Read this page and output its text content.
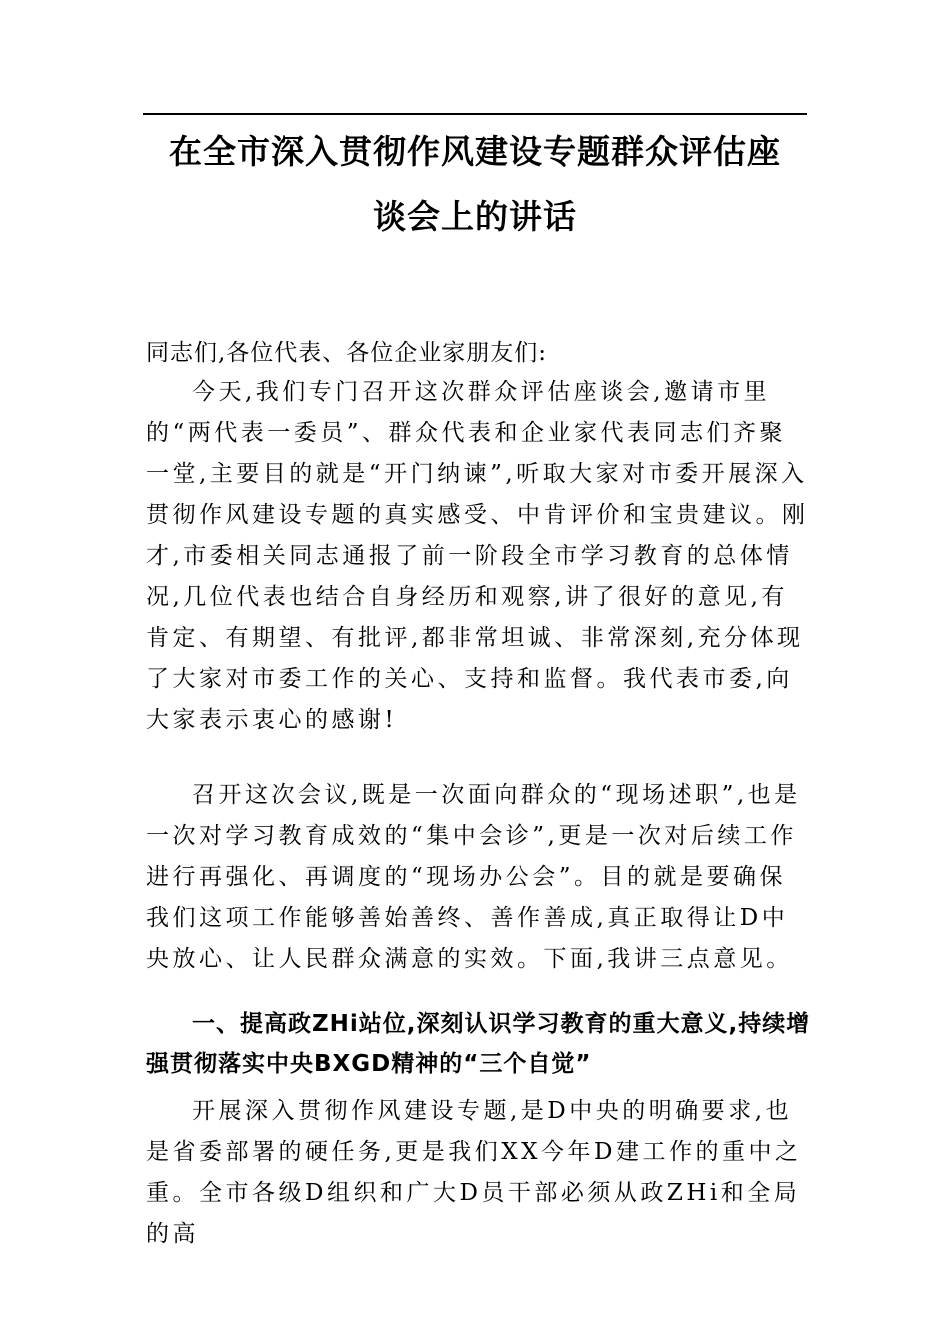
在全市深入贯彻作风建设专题群众评估座
谈会上的讲话
同志们,各位代表、各位企业家朋友们:
今天,我们专门召开这次群众评估座谈会,邀请市里的“两代表一委员”、群众代表和企业家代表同志们齐聚一堂,主要目的就是“开门纳谏”,听取大家对市委开展深入贯彻作风建设专题的真实感受、中肯评价和宝贵建议。刚才,市委相关同志通报了前一阶段全市学习教育的总体情况,几位代表也结合自身经历和观察,讲了很好的意见,有肯定、有期望、有批评,都非常坦诚、非常深刻,充分体现了大家对市委工作的关心、支持和监督。我代表市委,向大家表示衷心的感谢!
召开这次会议,既是一次面向群众的“现场述职”,也是一次对学习教育成效的“集中会诊”,更是一次对后续工作进行再强化、再调度的“现场办公会”。目的就是要确保我们这项工作能够善始善终、善作善成,真正取得让D中央放心、让人民群众满意的实效。下面,我讲三点意见。
一、提高政ZHi站位,深刻认识学习教育的重大意义,持续增强贯彻落实中央BXGD精神的“三个自觉”
开展深入贯彻作风建设专题,是D中央的明确要求,也是省委部署的硬任务,更是我们XX今年D建工作的重中之重。全市各级D组织和广大D员干部必须从政ZHi和全局的高
